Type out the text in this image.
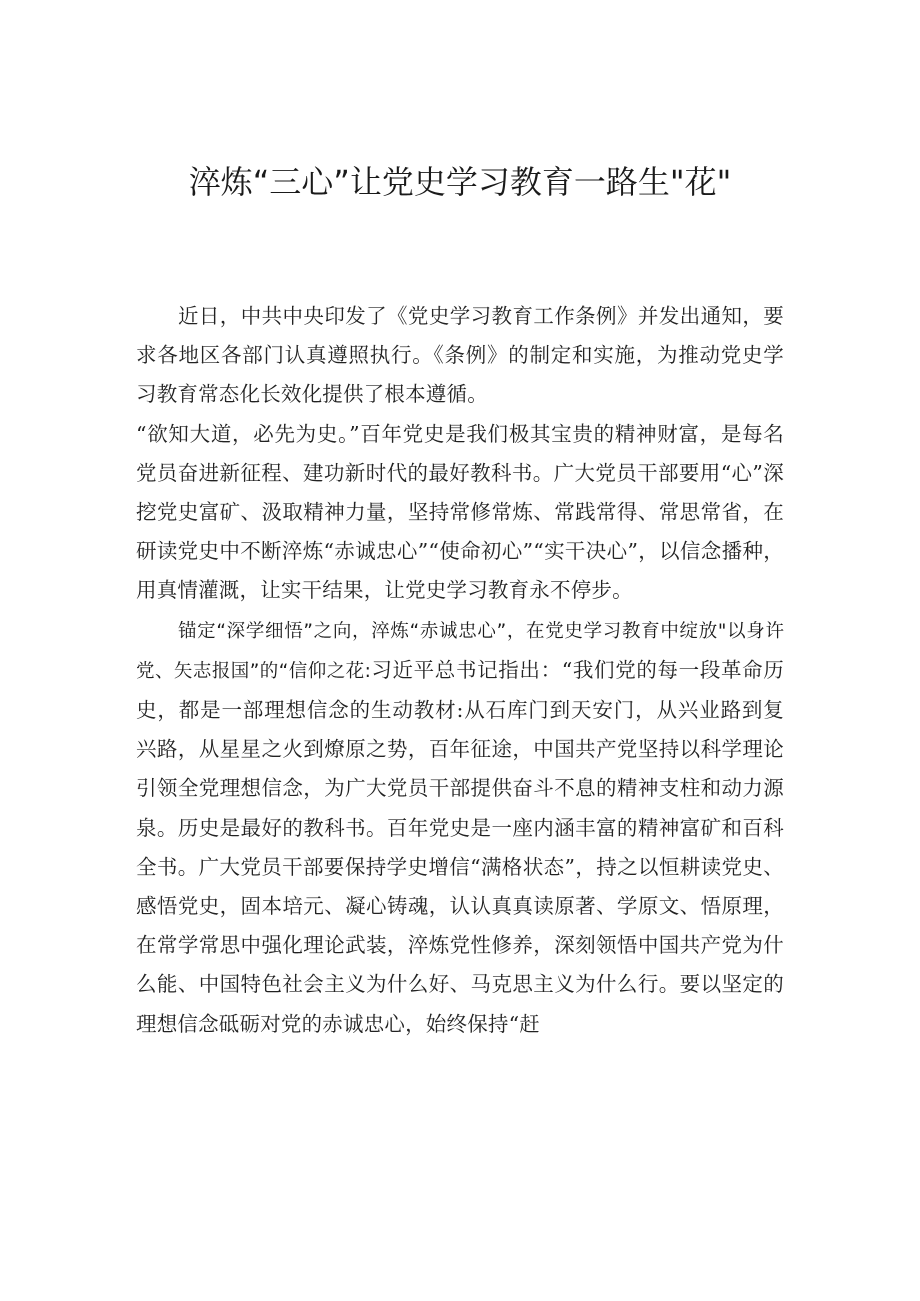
淬炼“三心”让党史学习教育一路生"花"

近日，中共中央印发了《党史学习教育工作条例》并发出通知，要求各地区各部门认真遵照执行。《条例》的制定和实施，为推动党史学习教育常态化长效化提供了根本遵循。

“欲知大道，必先为史。”百年党史是我们极其宝贵的精神财富，是每名党员奋进新征程、建功新时代的最好教科书。广大党员干部要用“心”深挖党史富矿、汲取精神力量，坚持常修常炼、常践常得、常思常省，在研读党史中不断淬炼“赤诚忠心”“使命初心”“实干决心”，以信念播种，用真情灌溉，让实干结果，让党史学习教育永不停步。

锚定“深学细悟”之向，淬炼“赤诚忠心”，在党史学习教育中绽放"以身许党、矢志报国”的“信仰之花:习近平总书记指出：“我们党的每一段革命历史，都是一部理想信念的生动教材:从石库门到天安门，从兴业路到复兴路，从星星之火到燎原之势，百年征途，中国共产党坚持以科学理论引领全党理想信念，为广大党员干部提供奋斗不息的精神支柱和动力源泉。历史是最好的教科书。百年党史是一座内涵丰富的精神富矿和百科全书。广大党员干部要保持学史增信“满格状态”，持之以恒耕读党史、感悟党史，固本培元、凝心铸魂，认认真真读原著、学原文、悟原理，在常学常思中强化理论武装，淬炼党性修养，深刻领悟中国共产党为什么能、中国特色社会主义为什么好、马克思主义为什么行。要以坚定的理想信念砥砺对党的赤诚忠心，始终保持“赶
